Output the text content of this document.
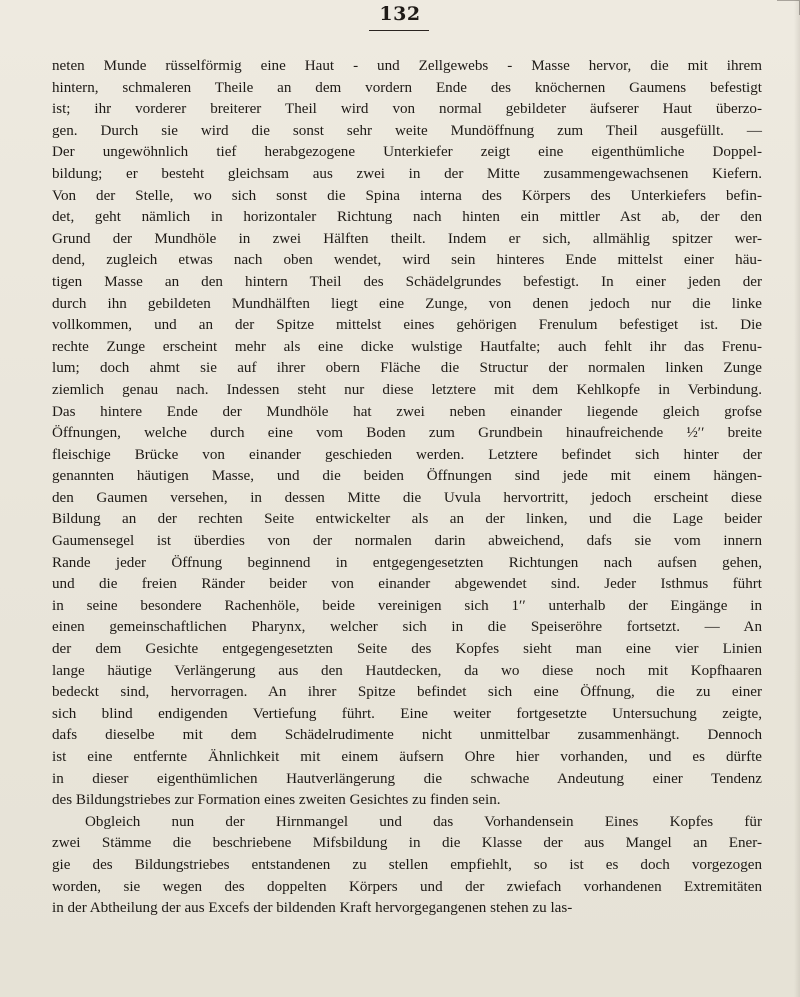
132
neten Munde rüsselförmig eine Haut - und Zellgewebs - Masse hervor, die mit ihrem
hintern, schmaleren Theile an dem vordern Ende des knöchernen Gaumens befestigt
ist; ihr vorderer breiterer Theil wird von normal gebildeter äufserer Haut überzo-
gen. Durch sie wird die sonst sehr weite Mundöffnung zum Theil ausgefüllt. —
Der ungewöhnlich tief herabgezogene Unterkiefer zeigt eine eigenthümliche Doppel-
bildung; er besteht gleichsam aus zwei in der Mitte zusammengewachsenen Kiefern.
Von der Stelle, wo sich sonst die Spina interna des Körpers des Unterkiefers befin-
det, geht nämlich in horizontaler Richtung nach hinten ein mittler Ast ab, der den
Grund der Mundhöle in zwei Hälften theilt. Indem er sich, allmählig spitzer wer-
dend, zugleich etwas nach oben wendet, wird sein hinteres Ende mittelst einer häu-
tigen Masse an den hintern Theil des Schädelgrundes befestigt. In einer jeden der
durch ihn gebildeten Mundhälften liegt eine Zunge, von denen jedoch nur die linke
vollkommen, und an der Spitze mittelst eines gehörigen Frenulum befestiget ist. Die
rechte Zunge erscheint mehr als eine dicke wulstige Hautfalte; auch fehlt ihr das Frenu-
lum; doch ahmt sie auf ihrer obern Fläche die Structur der normalen linken Zunge
ziemlich genau nach. Indessen steht nur diese letztere mit dem Kehlkopfe in Verbindung.
Das hintere Ende der Mundhöle hat zwei neben einander liegende gleich grofse
Öffnungen, welche durch eine vom Boden zum Grundbein hinaufreichende ½′′ breite
fleischige Brücke von einander geschieden werden. Letztere befindet sich hinter der
genannten häutigen Masse, und die beiden Öffnungen sind jede mit einem hängen-
den Gaumen versehen, in dessen Mitte die Uvula hervortritt, jedoch erscheint diese
Bildung an der rechten Seite entwickelter als an der linken, und die Lage beider
Gaumensegel ist überdies von der normalen darin abweichend, dafs sie vom innern
Rande jeder Öffnung beginnend in entgegengesetzten Richtungen nach aufsen gehen,
und die freien Ränder beider von einander abgewendet sind. Jeder Isthmus führt
in seine besondere Rachenhöle, beide vereinigen sich 1′′ unterhalb der Eingänge in
einen gemeinschaftlichen Pharynx, welcher sich in die Speiseröhre fortsetzt. — An
der dem Gesichte entgegengesetzten Seite des Kopfes sieht man eine vier Linien
lange häutige Verlängerung aus den Hautdecken, da wo diese noch mit Kopfhaaren
bedeckt sind, hervorragen. An ihrer Spitze befindet sich eine Öffnung, die zu einer
sich blind endigenden Vertiefung führt. Eine weiter fortgesetzte Untersuchung zeigte,
dafs dieselbe mit dem Schädelrudimente nicht unmittelbar zusammenhängt. Dennoch
ist eine entfernte Ähnlichkeit mit einem äufsern Ohre hier vorhanden, und es dürfte
in dieser eigenthümlichen Hautverlängerung die schwache Andeutung einer Tendenz
des Bildungstriebes zur Formation eines zweiten Gesichtes zu finden sein.
Obgleich nun der Hirnmangel und das Vorhandensein Eines Kopfes für
zwei Stämme die beschriebene Mifsbildung in die Klasse der aus Mangel an Ener-
gie des Bildungstriebes entstandenen zu stellen empfiehlt, so ist es doch vorgezogen
worden, sie wegen des doppelten Körpers und der zwiefach vorhandenen Extremitäten
in der Abtheilung der aus Excefs der bildenden Kraft hervorgegangenen stehen zu las-
